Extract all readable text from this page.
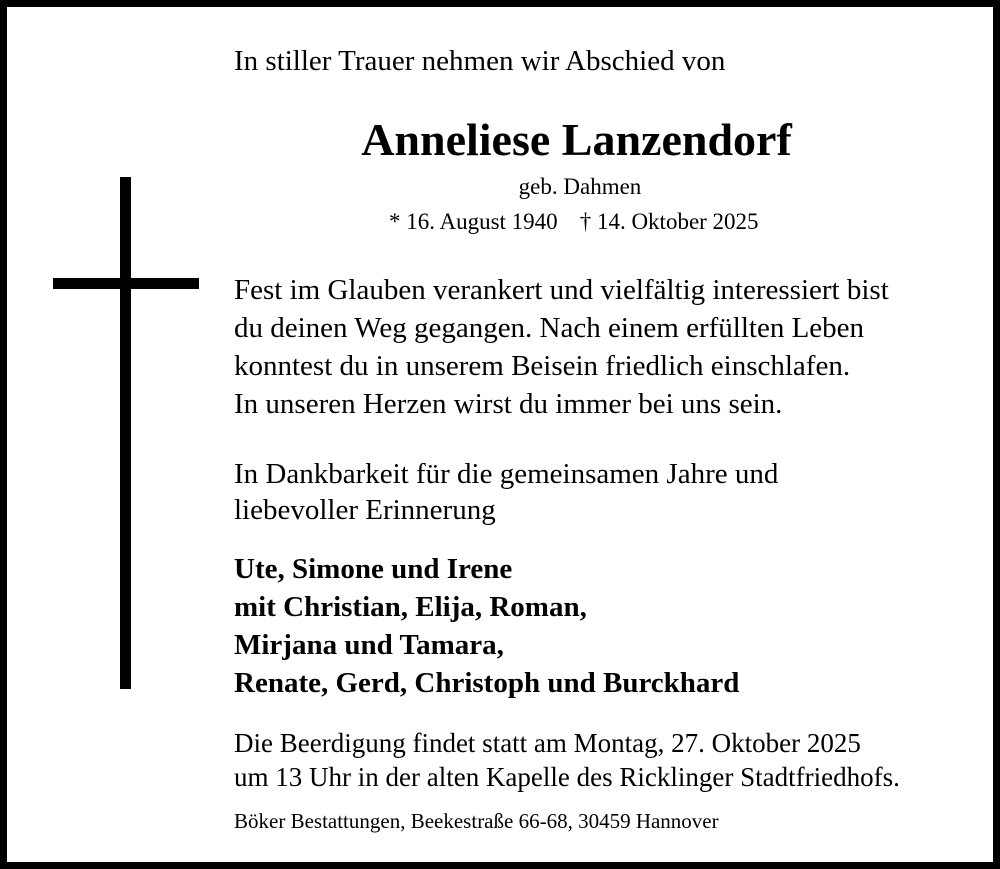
In stiller Trauer nehmen wir Abschied von
Anneliese Lanzendorf
geb. Dahmen
* 16. August 1940 † 14. Oktober 2025
Fest im Glauben verankert und vielfältig interessiert bist
du deinen Weg gegangen. Nach einem erfüllten Leben
konntest du in unserem Beisein friedlich einschlafen.
In unseren Herzen wirst du immer bei uns sein.
In Dankbarkeit für die gemeinsamen Jahre und
liebevoller Erinnerung
Ute, Simone und Irene
mit Christian, Elija, Roman,
Mirjana und Tamara,
Renate, Gerd, Christoph und Burckhard
Die Beerdigung findet statt am Montag, 27. Oktober 2025
um 13 Uhr in der alten Kapelle des Ricklinger Stadtfriedhofs.
Böker Bestattungen, Beekestraße 66-68, 30459 Hannover
